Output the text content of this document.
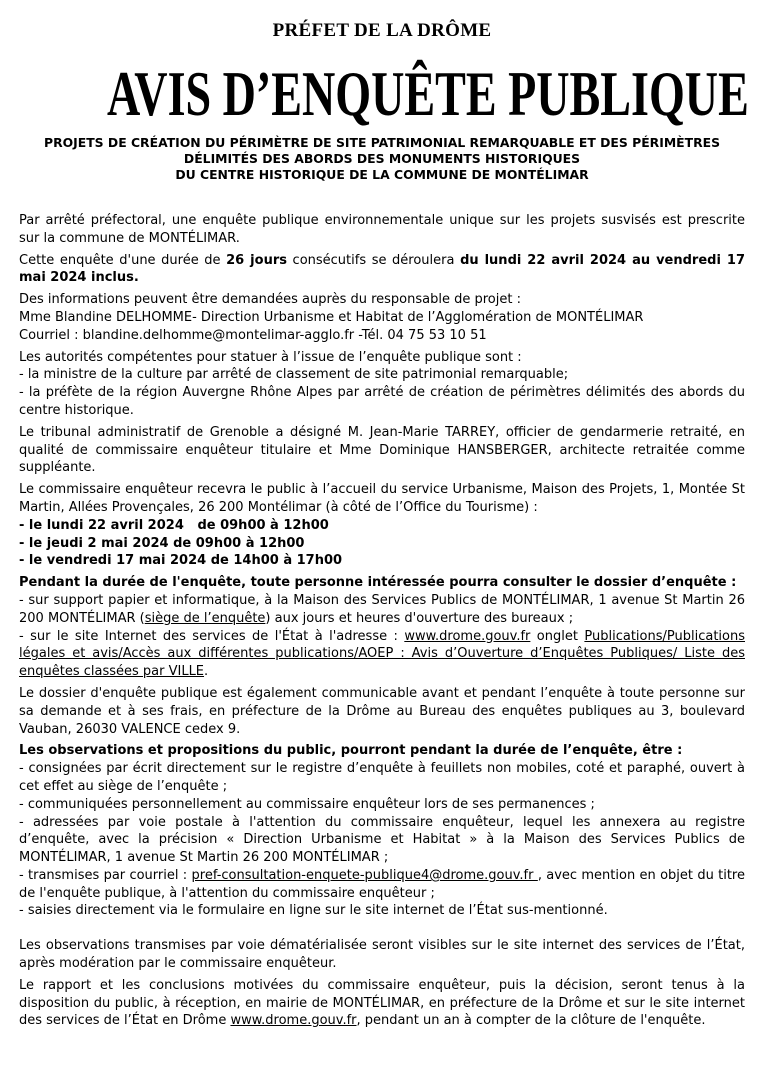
PRÉFET DE LA DRÔME
AVIS D’ENQUÊTE PUBLIQUE
PROJETS DE CRÉATION DU PÉRIMÈTRE DE SITE PATRIMONIAL REMARQUABLE ET DES PÉRIMÈTRES
DÉLIMITÉS DES ABORDS DES MONUMENTS HISTORIQUES
DU CENTRE HISTORIQUE DE LA COMMUNE DE MONTÉLIMAR

Par arrêté préfectoral, une enquête publique environnementale unique sur les projets susvisés est prescrite sur la commune de MONTÉLIMAR.

Cette enquête d'une durée de 26 jours consécutifs se déroulera du lundi 22 avril 2024 au vendredi 17 mai 2024 inclus.

Des informations peuvent être demandées auprès du responsable de projet :
Mme Blandine DELHOMME- Direction Urbanisme et Habitat de l’Agglomération de MONTÉLIMAR
Courriel : blandine.delhomme@montelimar-agglo.fr -Tél. 04 75 53 10 51

Les autorités compétentes pour statuer à l’issue de l’enquête publique sont :
- la ministre de la culture par arrêté de classement de site patrimonial remarquable;
- la préfète de la région Auvergne Rhône Alpes par arrêté de création de périmètres délimités des abords du centre historique.

Le tribunal administratif de Grenoble a désigné M. Jean-Marie TARREY, officier de gendarmerie retraité, en qualité de commissaire enquêteur titulaire et Mme Dominique HANSBERGER, architecte retraitée comme suppléante.

Le commissaire enquêteur recevra le public à l’accueil du service Urbanisme, Maison des Projets, 1, Montée St Martin, Allées Provençales, 26 200 Montélimar (à côté de l’Office du Tourisme) :
- le lundi 22 avril 2024   de 09h00 à 12h00
- le jeudi 2 mai 2024 de 09h00 à 12h00
- le vendredi 17 mai 2024 de 14h00 à 17h00

Pendant la durée de l'enquête, toute personne intéressée pourra consulter le dossier d’enquête :
- sur support papier et informatique, à la Maison des Services Publics de MONTÉLIMAR, 1 avenue St Martin 26 200 MONTÉLIMAR (siège de l’enquête) aux jours et heures d'ouverture des bureaux ;
- sur le site Internet des services de l'État à l'adresse : www.drome.gouv.fr onglet Publications/Publications légales et avis/Accès aux différentes publications/AOEP : Avis d’Ouverture d’Enquêtes Publiques/ Liste des enquêtes classées par VILLE.

Le dossier d'enquête publique est également communicable avant et pendant l’enquête à toute personne sur sa demande et à ses frais, en préfecture de la Drôme au Bureau des enquêtes publiques au 3, boulevard Vauban, 26030 VALENCE cedex 9.

Les observations et propositions du public, pourront pendant la durée de l’enquête, être :
- consignées par écrit directement sur le registre d’enquête à feuillets non mobiles, coté et paraphé, ouvert à cet effet au siège de l’enquête ;
- communiquées personnellement au commissaire enquêteur lors de ses permanences ;
- adressées par voie postale à l'attention du commissaire enquêteur, lequel les annexera au registre d’enquête, avec la précision « Direction Urbanisme et Habitat » à la Maison des Services Publics de MONTÉLIMAR, 1 avenue St Martin 26 200 MONTÉLIMAR ;
- transmises par courriel : pref-consultation-enquete-publique4@drome.gouv.fr , avec mention en objet du titre de l'enquête publique, à l'attention du commissaire enquêteur ;
- saisies directement via le formulaire en ligne sur le site internet de l’État sus-mentionné.

Les observations transmises par voie dématérialisée seront visibles sur le site internet des services de l’État, après modération par le commissaire enquêteur.

Le rapport et les conclusions motivées du commissaire enquêteur, puis la décision, seront tenus à la disposition du public, à réception, en mairie de MONTÉLIMAR, en préfecture de la Drôme et sur le site internet des services de l’État en Drôme www.drome.gouv.fr, pendant un an à compter de la clôture de l'enquête.
